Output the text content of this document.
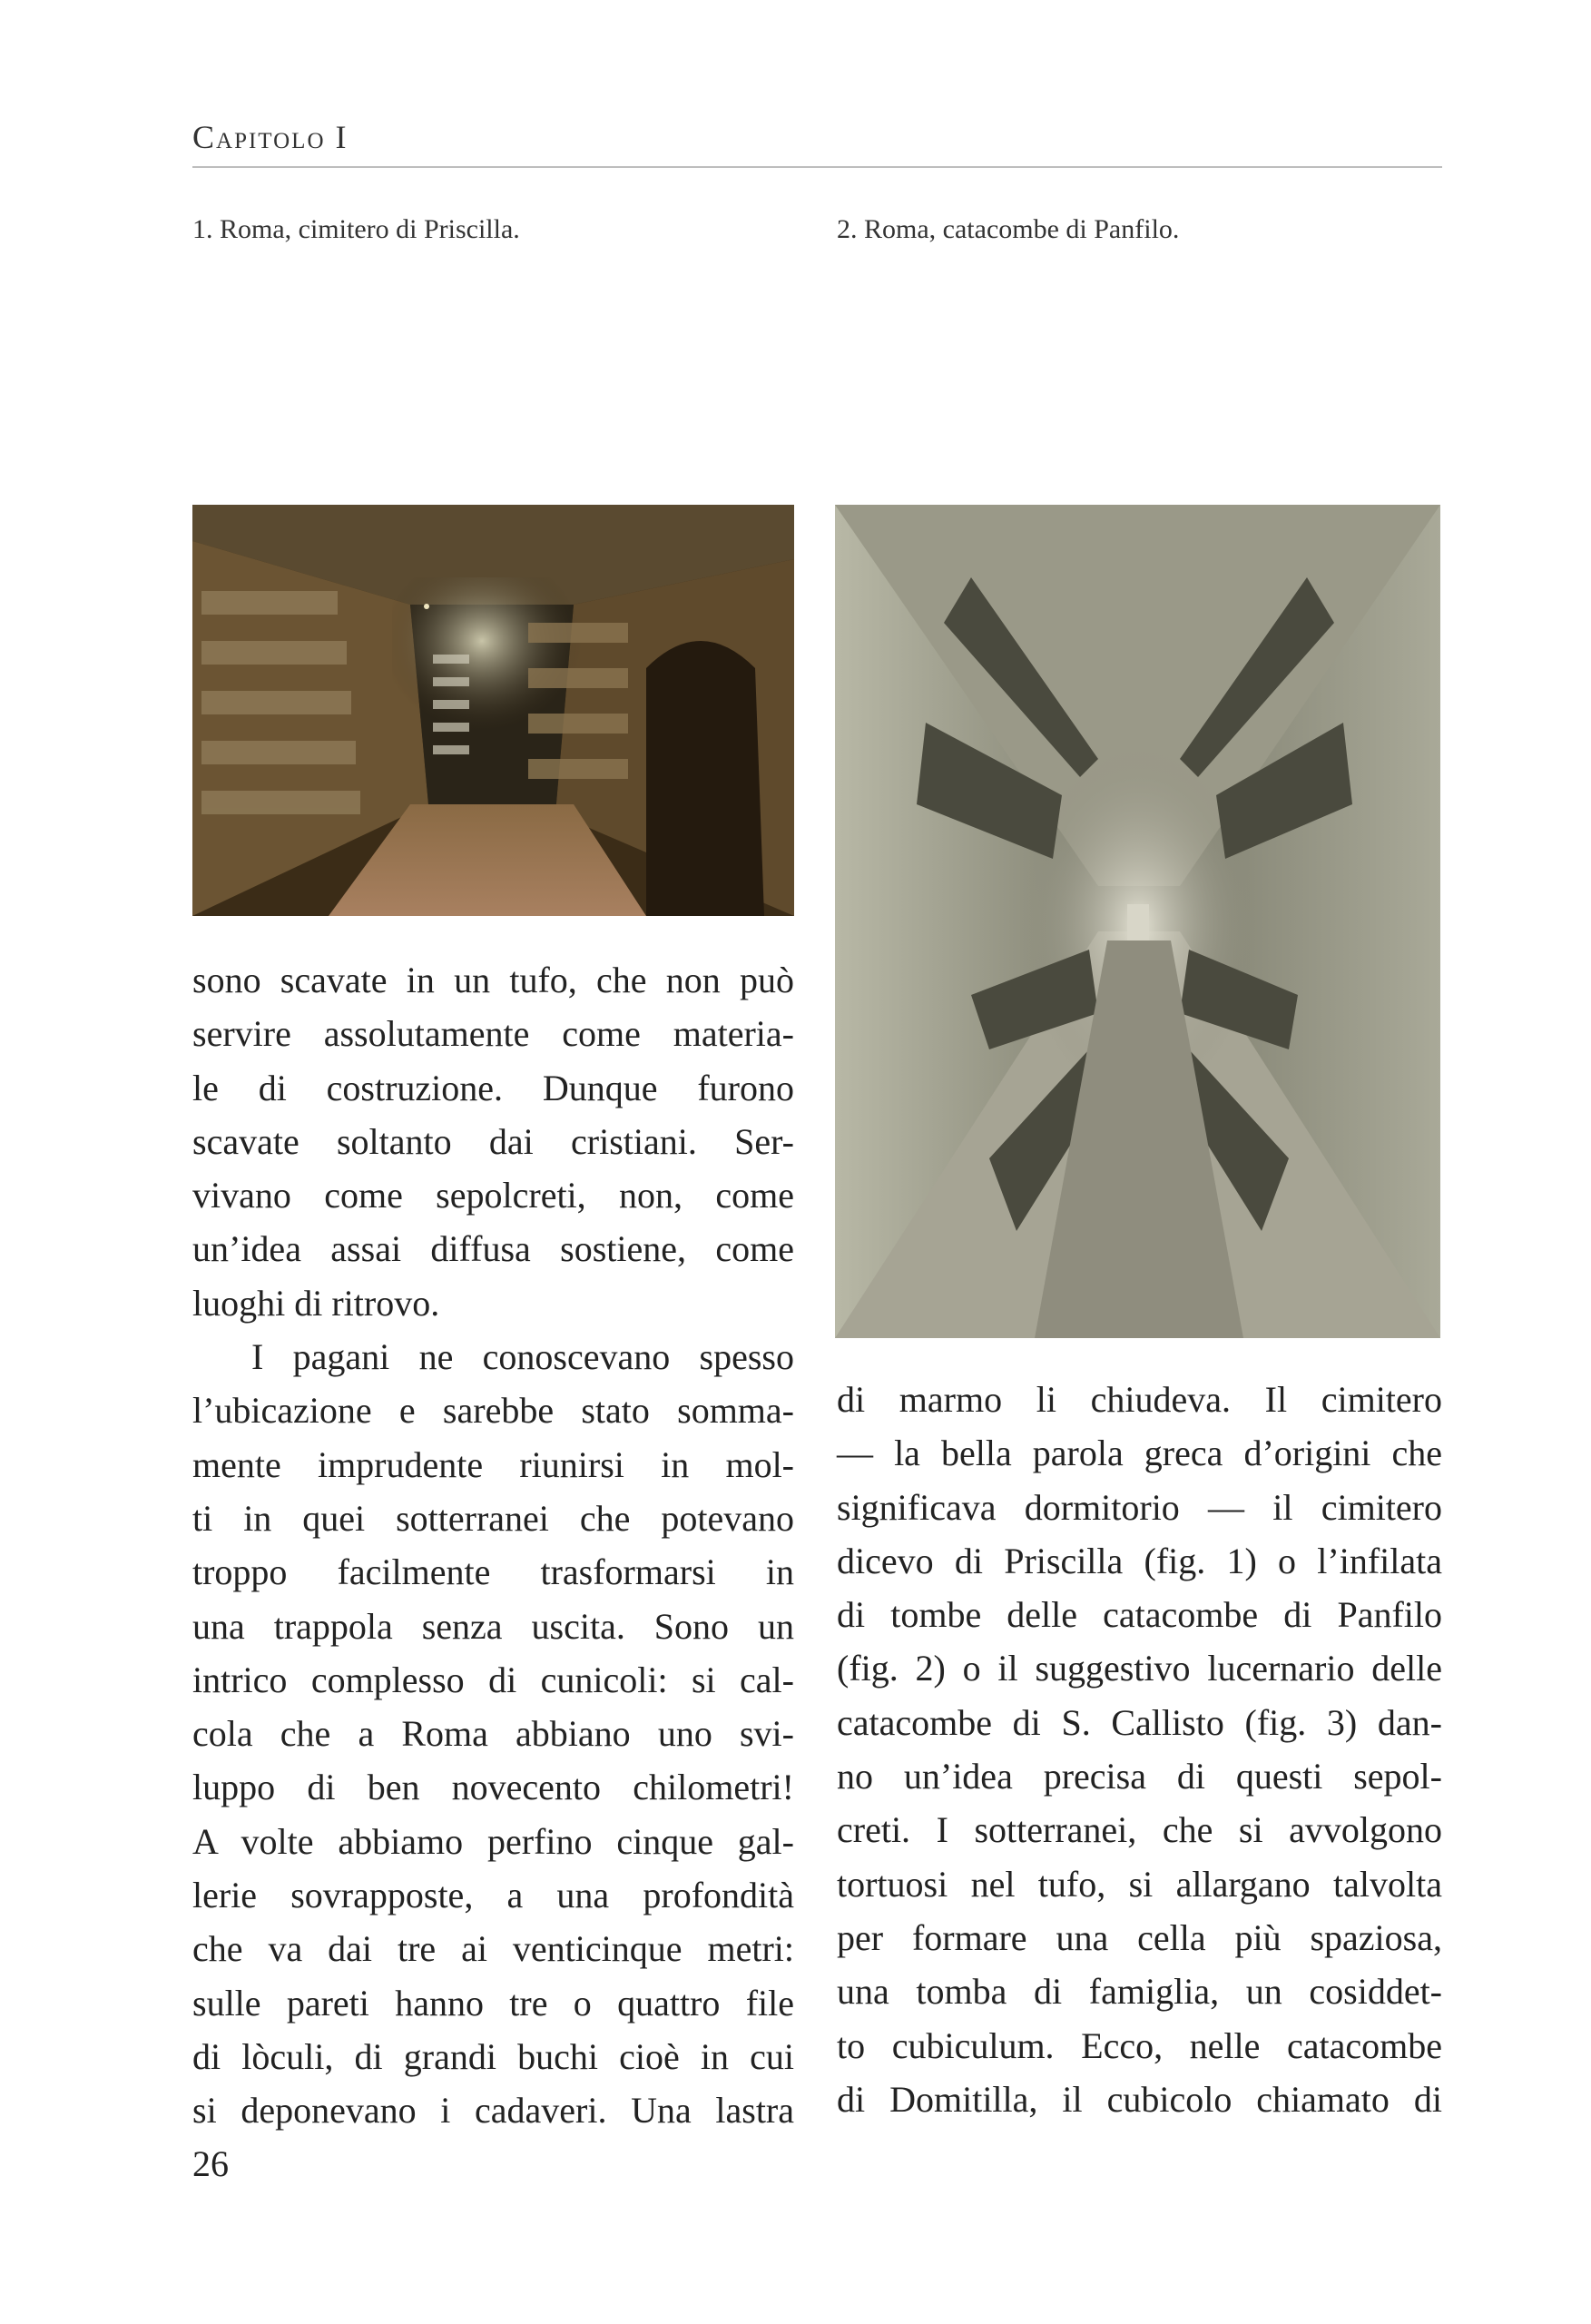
Capitolo I
1. Roma, cimitero di Priscilla.	2. Roma, catacombe di Panfilo.
sono scavate in un tufo, che non può
servire assolutamente come materia-
le di costruzione. Dunque furono
scavate soltanto dai cristiani. Ser-
vivano come sepolcreti, non, come
un’idea assai diffusa sostiene, come
luoghi di ritrovo.
I pagani ne conoscevano spesso
l’ubicazione e sarebbe stato somma-
mente imprudente riunirsi in mol-
ti in quei sotterranei che potevano
troppo facilmente trasformarsi in
una trappola senza uscita. Sono un
intrico complesso di cunicoli: si cal-
cola che a Roma abbiano uno svi-
luppo di ben novecento chilometri!
A volte abbiamo perfino cinque gal-
lerie sovrapposte, a una profondità
che va dai tre ai venticinque metri:
sulle pareti hanno tre o quattro file
di lòculi, di grandi buchi cioè in cui
si deponevano i cadaveri. Una lastra
di marmo li chiudeva. Il cimitero
— la bella parola greca d’origini che
significava dormitorio — il cimitero
dicevo di Priscilla (fig. 1) o l’infilata
di tombe delle catacombe di Panfilo
(fig. 2) o il suggestivo lucernario delle
catacombe di S. Callisto (fig. 3) dan-
no un’idea precisa di questi sepol-
creti. I sotterranei, che si avvolgono
tortuosi nel tufo, si allargano talvolta
per formare una cella più spaziosa,
una tomba di famiglia, un cosiddet-
to cubiculum. Ecco, nelle catacombe
di Domitilla, il cubicolo chiamato di
26
